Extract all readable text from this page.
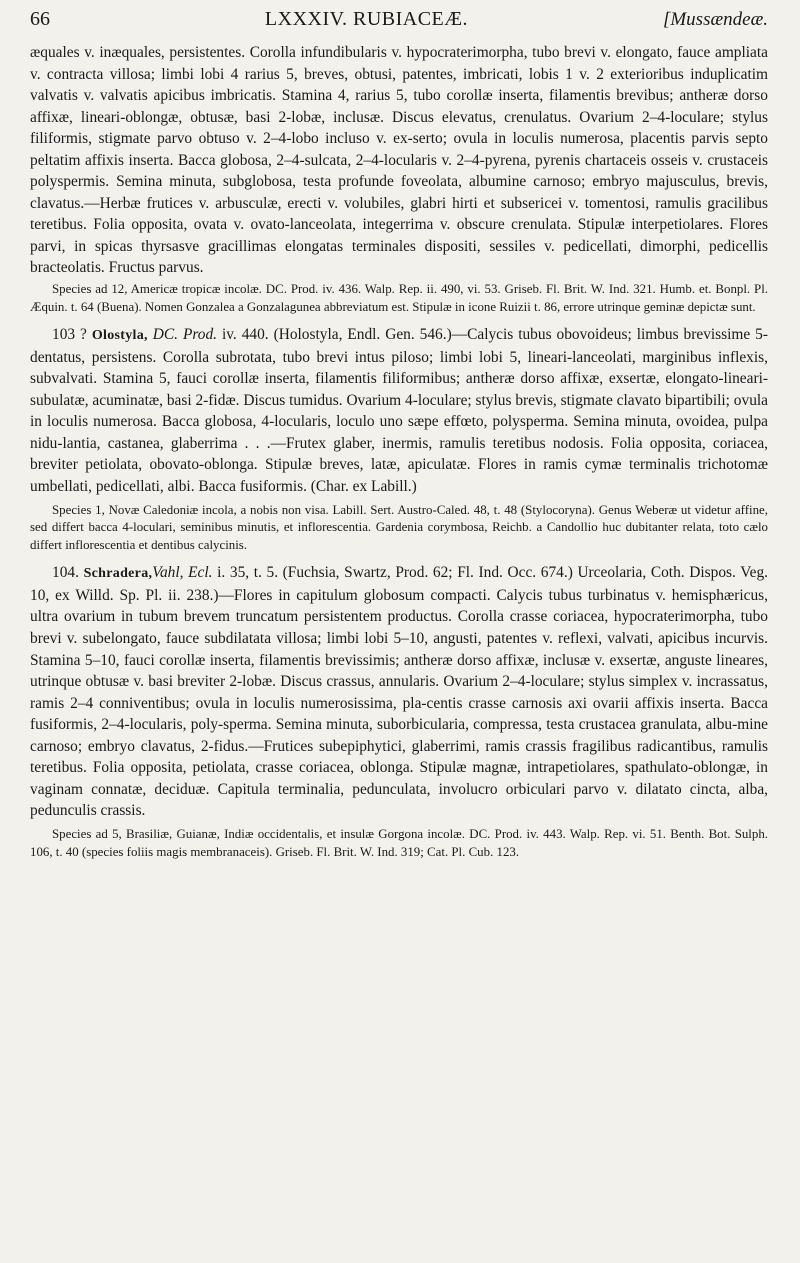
66	LXXXIV. RUBIACEÆ.	[Mussændeæ.

æquales v. inæquales, persistentes. Corolla infundibularis v. hypocraterimorpha, tubo brevi v. elongato, fauce ampliata v. contracta villosa; limbi lobi 4 rarius 5, breves, obtusi, patentes, imbricati, lobis 1 v. 2 exterioribus induplicatim valvatis v. valvatis apicibus imbricatis. Stamina 4, rarius 5, tubo corollæ inserta, filamentis brevibus; antheræ dorso affixæ, lineari-oblongæ, obtusæ, basi 2-lobæ, inclusæ. Discus elevatus, crenulatus. Ovarium 2–4-loculare; stylus filiformis, stigmate parvo obtuso v. 2–4-lobo incluso v. ex-serto; ovula in loculis numerosa, placentis parvis septo peltatim affixis inserta. Bacca globosa, 2–4-sulcata, 2–4-locularis v. 2–4-pyrena, pyrenis chartaceis osseis v. crustaceis polyspermis. Semina minuta, subglobosa, testa profunde foveolata, albumine carnoso; embryo majusculus, brevis, clavatus.—Herbæ frutices v. arbusculæ, erecti v. volubiles, glabri hirti et subsericei v. tomentosi, ramulis gracilibus teretibus. Folia opposita, ovata v. ovato-lanceolata, integerrima v. obscure crenulata. Stipulæ interpetiolares. Flores parvi, in spicas thyrsasve gracillimas elongatas terminales dispositi, sessiles v. pedicellati, dimorphi, pedicellis bracteolatis. Fructus parvus.

Species ad 12, Americæ tropicæ incolæ. DC. Prod. iv. 436. Walp. Rep. ii. 490, vi. 53. Griseb. Fl. Brit. W. Ind. 321. Humb. et. Bonpl. Pl. Æquin. t. 64 (Buena). Nomen Gonzalea a Gonzalagunea abbreviatum est. Stipulæ in icone Ruizii t. 86, errore utrinque geminæ depictæ sunt.

103 ? Olostyla, DC. Prod. iv. 440. (Holostyla, Endl. Gen. 546.)—Calycis tubus obovoideus; limbus brevissime 5-dentatus, persistens. Corolla subrotata, tubo brevi intus piloso; limbi lobi 5, lineari-lanceolati, marginibus inflexis, subvalvati. Stamina 5, fauci corollæ inserta, filamentis filiformibus; antheræ dorso affixæ, exsertæ, elongato-lineari-subulatæ, acuminatæ, basi 2-fidæ. Discus tumidus. Ovarium 4-loculare; stylus brevis, stigmate clavato bipartibili; ovula in loculis numerosa. Bacca globosa, 4-locularis, loculo uno sæpe effœto, polysperma. Semina minuta, ovoidea, pulpa nidu-lantia, castanea, glaberrima . . .—Frutex glaber, inermis, ramulis teretibus nodosis. Folia opposita, coriacea, breviter petiolata, obovato-oblonga. Stipulæ breves, latæ, apiculatæ. Flores in ramis cymæ terminalis trichotomæ umbellati, pedicellati, albi. Bacca fusiformis. (Char. ex Labill.)

Species 1, Novæ Caledoniæ incola, a nobis non visa. Labill. Sert. Austro-Caled. 48, t. 48 (Stylocoryna). Genus Weberæ ut videtur affine, sed differt bacca 4-loculari, seminibus minutis, et inflorescentia. Gardenia corymbosa, Reichb. a Candollio huc dubitanter relata, toto cælo differt inflorescentia et dentibus calycinis.

104. Schradera,Vahl, Ecl. i. 35, t. 5. (Fuchsia, Swartz, Prod. 62; Fl. Ind. Occ. 674.) Urceolaria, Coth. Dispos. Veg. 10, ex Willd. Sp. Pl. ii. 238.)—Flores in capitulum globosum compacti. Calycis tubus turbinatus v. hemisphæricus, ultra ovarium in tubum brevem truncatum persistentem productus. Corolla crasse coriacea, hypocraterimorpha, tubo brevi v. subelongato, fauce subdilatata villosa; limbi lobi 5–10, angusti, patentes v. reflexi, valvati, apicibus incurvis. Stamina 5–10, fauci corollæ inserta, filamentis brevissimis; antheræ dorso affixæ, inclusæ v. exsertæ, anguste lineares, utrinque obtusæ v. basi breviter 2-lobæ. Discus crassus, annularis. Ovarium 2–4-loculare; stylus simplex v. incrassatus, ramis 2–4 conniventibus; ovula in loculis numerosissima, pla-centis crasse carnosis axi ovarii affixis inserta. Bacca fusiformis, 2–4-locularis, poly-sperma. Semina minuta, suborbicularia, compressa, testa crustacea granulata, albu-mine carnoso; embryo clavatus, 2-fidus.—Frutices subepiphytici, glaberrimi, ramis crassis fragilibus radicantibus, ramulis teretibus. Folia opposita, petiolata, crasse coriacea, oblonga. Stipulæ magnæ, intrapetiolares, spathulato-oblongæ, in vaginam connatæ, deciduæ. Capitula terminalia, pedunculata, involucro orbiculari parvo v. dilatato cincta, alba, pedunculis crassis.

Species ad 5, Brasiliæ, Guianæ, Indiæ occidentalis, et insulæ Gorgona incolæ. DC. Prod. iv. 443. Walp. Rep. vi. 51. Benth. Bot. Sulph. 106, t. 40 (species foliis magis membranaceis). Griseb. Fl. Brit. W. Ind. 319; Cat. Pl. Cub. 123.
